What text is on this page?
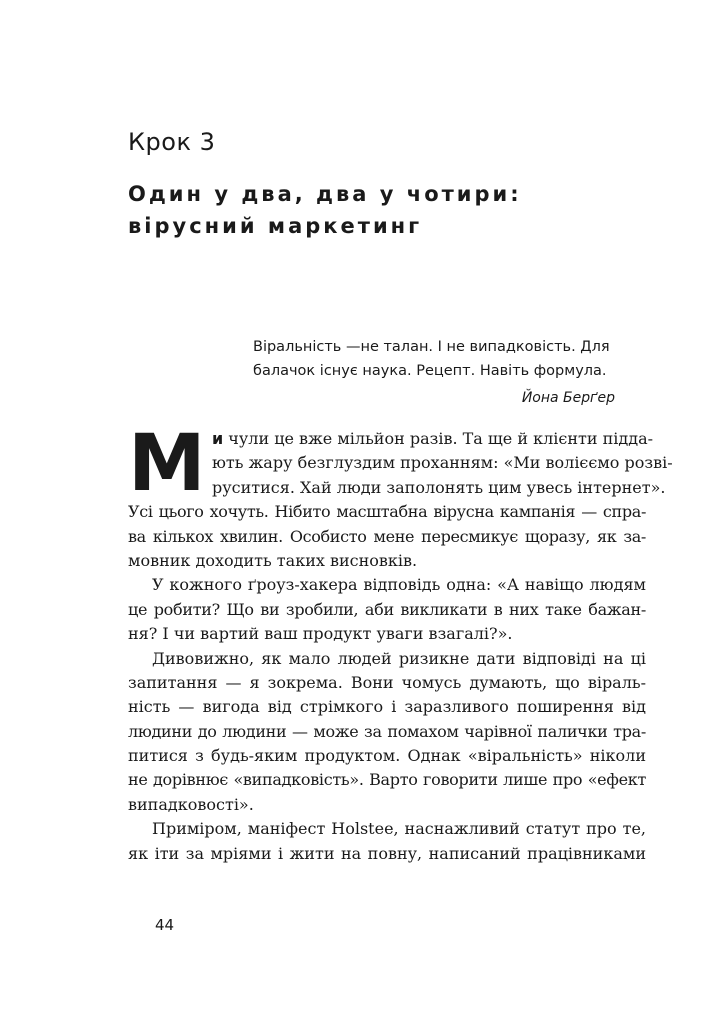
Крок 3
Один у два, два у чотири:
вірусний маркетинг
Віральність —не талан. І не випадковість. Для
балачок існує наука. Рецепт. Навіть формула.

Йона Берґер

М и чули це вже мільйон разів. Та ще й клієнти підда-
ють жару безглуздим проханням: «Ми волієємо розві-
руситися. Хай люди заполонять цим увесь інтернет».
Усі цього хочуть. Нібито масштабна вірусна кампанія — спра-
ва кількох хвилин. Особисто мене пересмикує щоразу, як за-
мовник доходить таких висновків.
У кожного ґроуз-хакера відповідь одна: «А навіщо людям
це робити? Що ви зробили, аби викликати в них таке бажан-
ня? І чи вартий ваш продукт уваги взагалі?».
Дивовижно, як мало людей ризикне дати відповіді на ці
запитання — я зокрема. Вони чомусь думають, що віраль-
ність — вигода від стрімкого і заразливого поширення від
людини до людини — може за помахом чарівної палички тра-
питися з будь-яким продуктом. Однак «віральність» ніколи
не дорівнює «випадковість». Варто говорити лише про «ефект
випадковості».
Приміром, маніфест Holstee, наснажливий статут про те,
як іти за мріями і жити на повну, написаний працівниками

44
